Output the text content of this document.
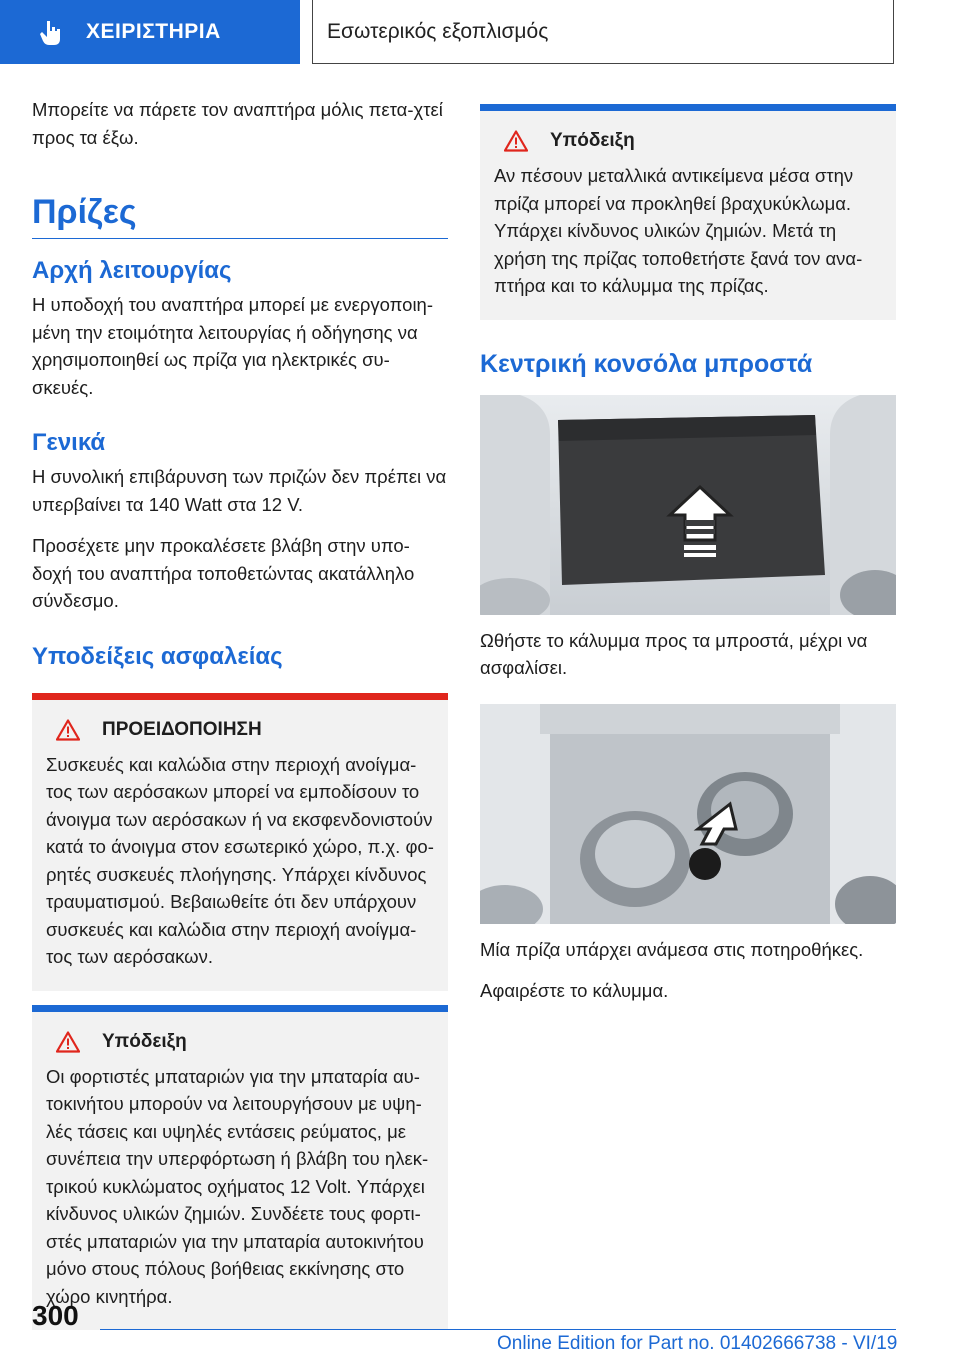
ΧΕΙΡΙΣΤΗΡΙΑ	Εσωτερικός εξοπλισμός

Μπορείτε να πάρετε τον αναπτήρα μόλις πετα-χτεί προς τα έξω.

Πρίζες
Αρχή λειτουργίας

Η υποδοχή του αναπτήρα μπορεί με ενεργοποιη-μένη την ετοιμότητα λειτουργίας ή οδήγησης να χρησιμοποιηθεί ως πρίζα για ηλεκτρικές συ-σκευές.

Γενικά

Η συνολική επιβάρυνση των πριζών δεν πρέπει να υπερβαίνει τα 140 Watt στα 12 V.

Προσέχετε μην προκαλέσετε βλάβη στην υπο-δοχή του αναπτήρα τοποθετώντας ακατάλληλο σύνδεσμο.

Υποδείξεις ασφαλείας
ΠΡΟΕΙΔΟΠΟΙΗΣΗ

Συσκευές και καλώδια στην περιοχή ανοίγμα-τος των αερόσακων μπορεί να εμποδίσουν το άνοιγμα των αερόσακων ή να εκσφενδονιστούν κατά το άνοιγμα στον εσωτερικό χώρο, π.χ. φο-ρητές συσκευές πλοήγησης. Υπάρχει κίνδυνος τραυματισμού. Βεβαιωθείτε ότι δεν υπάρχουν συσκευές και καλώδια στην περιοχή ανοίγμα-τος των αερόσακων.

Υπόδειξη

Οι φορτιστές μπαταριών για την μπαταρία αυ-τοκινήτου μπορούν να λειτουργήσουν με υψη-λές τάσεις και υψηλές εντάσεις ρεύματος, με συνέπεια την υπερφόρτωση ή βλάβη του ηλεκ-τρικού κυκλώματος οχήματος 12 Volt. Υπάρχει κίνδυνος υλικών ζημιών. Συνδέετε τους φορτι-στές μπαταριών για την μπαταρία αυτοκινήτου μόνο στους πόλους βοήθειας εκκίνησης στο χώρο κινητήρα.

Υπόδειξη

Αν πέσουν μεταλλικά αντικείμενα μέσα στην πρίζα μπορεί να προκληθεί βραχυκύκλωμα. Υπάρχει κίνδυνος υλικών ζημιών. Μετά τη χρήση της πρίζας τοποθετήστε ξανά τον ανα-πτήρα και το κάλυμμα της πρίζας.

Κεντρική κονσόλα μπροστά

Ωθήστε το κάλυμμα προς τα μπροστά, μέχρι να ασφαλίσει.

Μία πρίζα υπάρχει ανάμεσα στις ποτηροθήκες.

Αφαιρέστε το κάλυμμα.

300
Online Edition for Part no. 01402666738 - VI/19
